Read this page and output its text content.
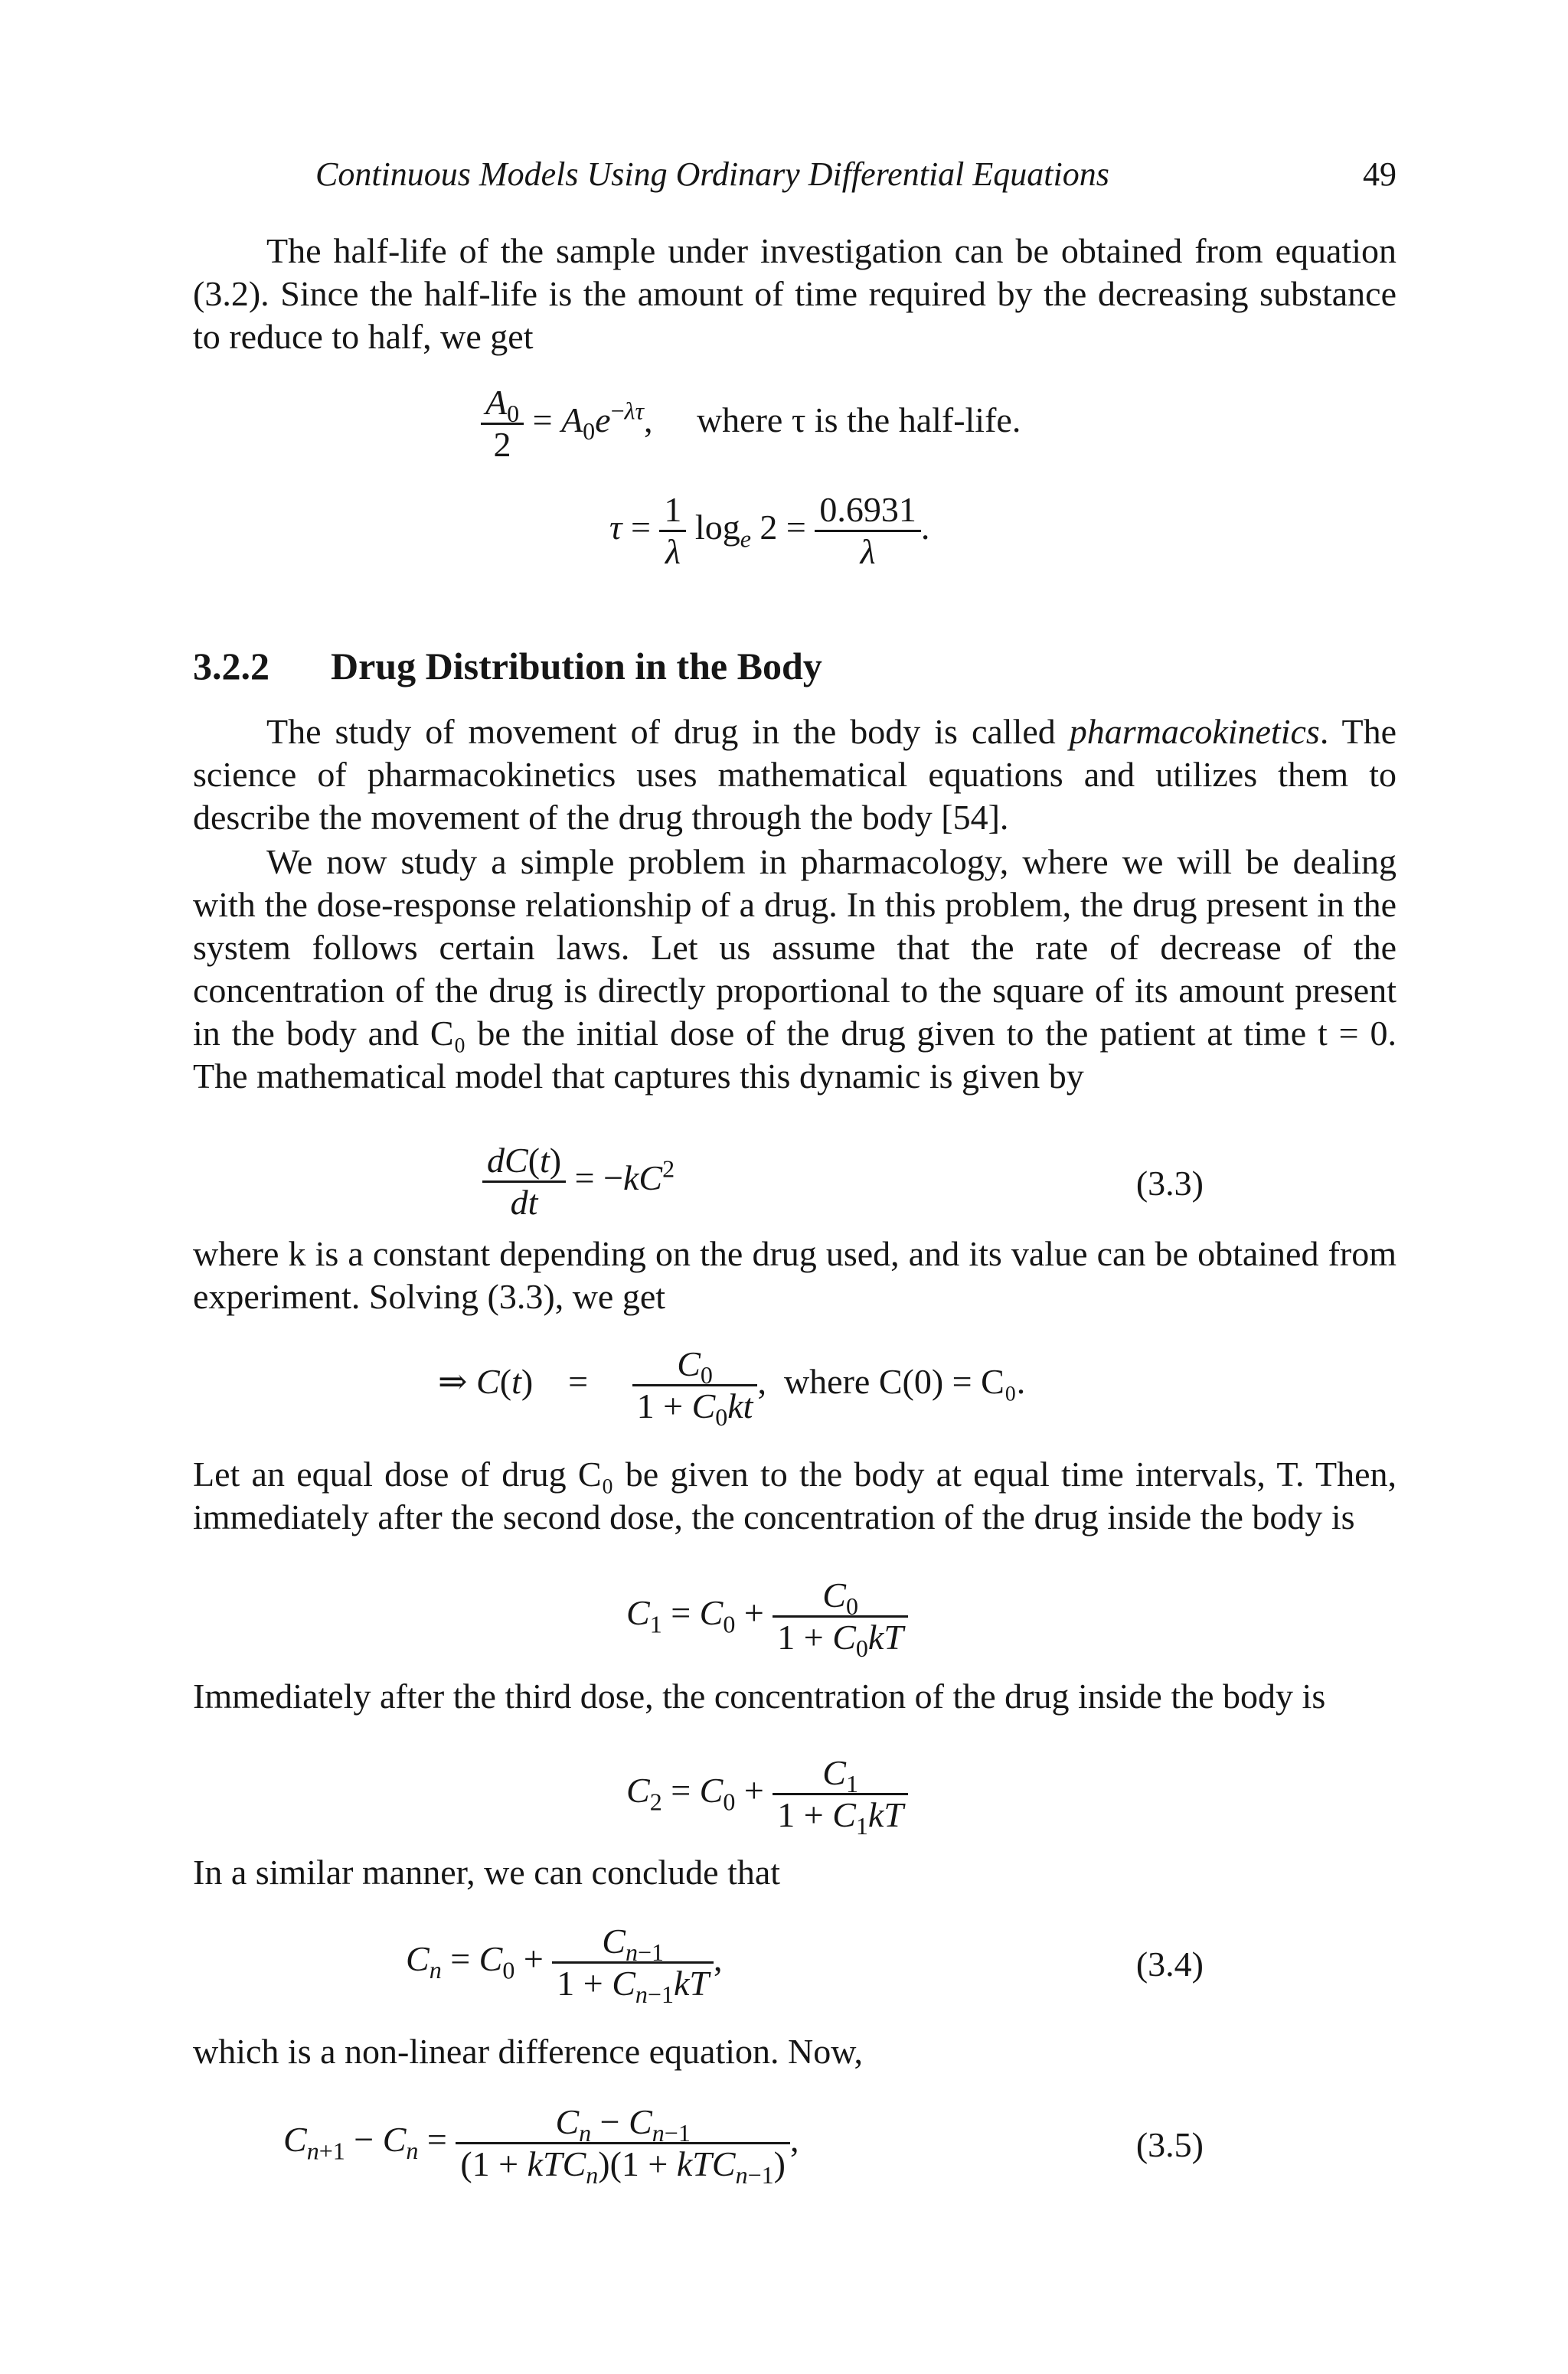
Continuous Models Using Ordinary Differential Equations	49

The half-life of the sample under investigation can be obtained from equation (3.2). Since the half-life is the amount of time required by the decreasing substance to reduce to half, we get

$\frac{A_0}{2} = A_0e^{-\lambda\tau}$,     where τ is the half-life.
$\tau = \frac{1}{\lambda} \log_e 2 = \frac{0.6931}{\lambda}$ .
3.2.2 Drug Distribution in the Body

The study of movement of drug in the body is called pharmacokinetics. The science of pharmacokinetics uses mathematical equations and utilizes them to describe the movement of the drug through the body [54].

We now study a simple problem in pharmacology, where we will be dealing with the dose-response relationship of a drug. In this problem, the drug present in the system follows certain laws. Let us assume that the rate of decrease of the concentration of the drug is directly proportional to the square of its amount present in the body and C₀ be the initial dose of the drug given to the patient at time t = 0. The mathematical model that captures this dynamic is given by

$\frac{dC(t)}{dt} = -kC^2$	(3.3)

where k is a constant depending on the drug used, and its value can be obtained from experiment. Solving (3.3), we get

⇒ C(t)    = $\frac{C_0}{1 + C_0kt}$ ,  where C(0) = C₀.

Let an equal dose of drug C₀ be given to the body at equal time intervals, T. Then, immediately after the second dose, the concentration of the drug inside the body is

$C_1 = C_0 + \frac{C_0}{1 + C_0kT}$

Immediately after the third dose, the concentration of the drug inside the body is

$C_2 = C_0 + \frac{C_1}{1 + C_1kT}$

In a similar manner, we can conclude that

$C_n = C_0 + \frac{C_{n-1}}{1 + C_{n-1}kT}$ ,	(3.4)

which is a non-linear difference equation. Now,

$C_{n+1} - C_n = \frac{C_n - C_{n-1}}{(1 + kTC_n)(1 + kTC_{n-1})}$ ,	(3.5)
